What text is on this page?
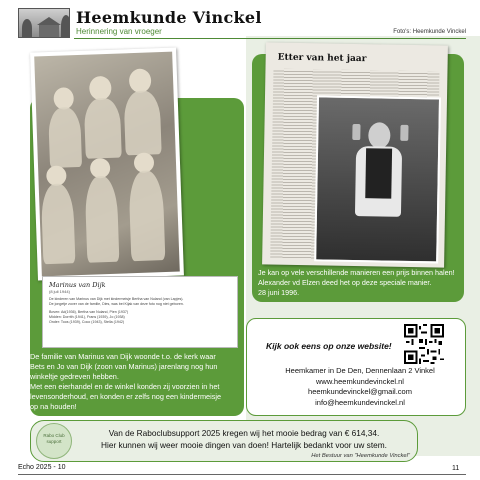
Heemkunde Vinckel
Herinnering van vroeger	Foto's: Heemkunde Vinckel
Marinus van Dijk
(8 juli 1944)
De kinderen van Marinus van Dijk met kindermeisje Bertha van Nuland (van Lapjes).
De jongetje zover van de familie, Dies, was bei Kijak van deze foto nog niet geboren.
Boven: Ad(1936), Bertha van Nuland, Pien (1937)
Midden: Dorrith (1941), Frans (1939), Jo (1938)
Onder: Toos (1939), Coco (1943), Stella (1942)
De familie van Marinus van Dijk woonde t.o. de kerk waar
Bets en Jo van Dijk (zoon van Marinus) jarenlang nog hun
winkeltje gedreven hebben.
Met een eierhandel en de winkel konden zij voorzien in het
levensonderhoud, en konden er zelfs nog een kindermeisje
op na houden!
Etter van het jaar
Je kan op vele verschillende manieren een prijs binnen halen!
Alexander vd Elzen deed het op deze speciale manier.
28 juni 1996.
Kijk ook eens op onze website!
Heemkamer in De Den, Dennenlaan 2 Vinkel
www.heemkundevinckel.nl
heemkundevinckel@gmail.com
info@heemkundevinckel.nl
Rabo Club support
Van de Raboclubsupport 2025 kregen wij het mooie bedrag van € 614,34.
Hier kunnen wij weer mooie dingen van doen! Hartelijk bedankt voor uw stem.
Het Bestuur van "Heemkunde Vinckel"
Echo 2025 - 10	11
